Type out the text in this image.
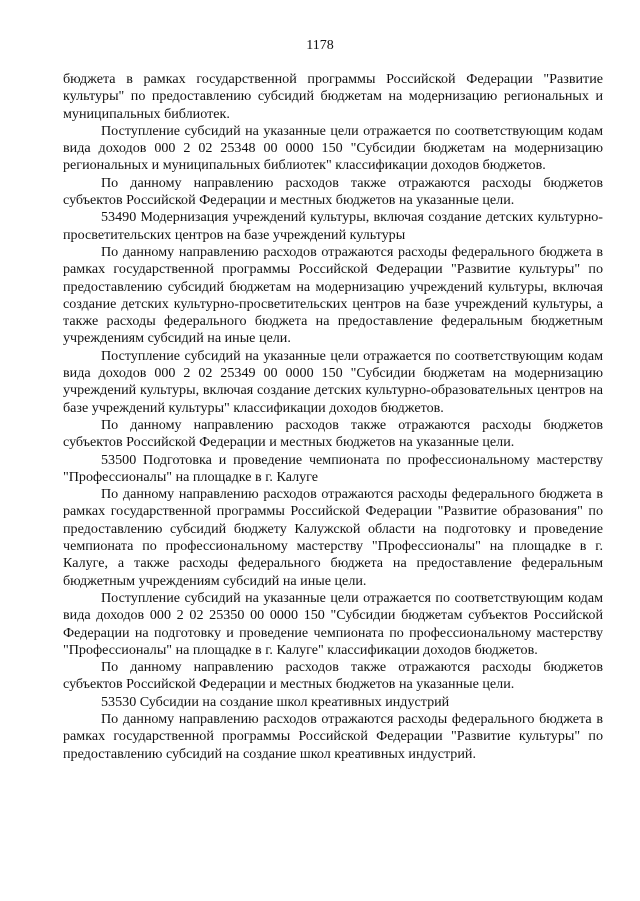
1178

бюджета в рамках государственной программы Российской Федерации "Развитие культуры" по предоставлению субсидий бюджетам на модернизацию региональных и муниципальных библиотек.

Поступление субсидий на указанные цели отражается по соответствующим кодам вида доходов 000 2 02 25348 00 0000 150 "Субсидии бюджетам на модернизацию региональных и муниципальных библиотек" классификации доходов бюджетов.

По данному направлению расходов также отражаются расходы бюджетов субъектов Российской Федерации и местных бюджетов на указанные цели.

53490 Модернизация учреждений культуры, включая создание детских культурно-просветительских центров на базе учреждений культуры

По данному направлению расходов отражаются расходы федерального бюджета в рамках государственной программы Российской Федерации "Развитие культуры" по предоставлению субсидий бюджетам на модернизацию учреждений культуры, включая создание детских культурно-просветительских центров на базе учреждений культуры, а также расходы федерального бюджета на предоставление федеральным бюджетным учреждениям субсидий на иные цели.

Поступление субсидий на указанные цели отражается по соответствующим кодам вида доходов 000 2 02 25349 00 0000 150 "Субсидии бюджетам на модернизацию учреждений культуры, включая создание детских культурно-образовательных центров на базе учреждений культуры" классификации доходов бюджетов.

По данному направлению расходов также отражаются расходы бюджетов субъектов Российской Федерации и местных бюджетов на указанные цели.

53500 Подготовка и проведение чемпионата по профессиональному мастерству "Профессионалы" на площадке в г. Калуге

По данному направлению расходов отражаются расходы федерального бюджета в рамках государственной программы Российской Федерации "Развитие образования" по предоставлению субсидий бюджету Калужской области на подготовку и проведение чемпионата по профессиональному мастерству "Профессионалы" на площадке в г. Калуге, а также расходы федерального бюджета на предоставление федеральным бюджетным учреждениям субсидий на иные цели.

Поступление субсидий на указанные цели отражается по соответствующим кодам вида доходов 000 2 02 25350 00 0000 150 "Субсидии бюджетам субъектов Российской Федерации на подготовку и проведение чемпионата по профессиональному мастерству "Профессионалы" на площадке в г. Калуге" классификации доходов бюджетов.

По данному направлению расходов также отражаются расходы бюджетов субъектов Российской Федерации и местных бюджетов на указанные цели.

53530 Субсидии на создание школ креативных индустрий

По данному направлению расходов отражаются расходы федерального бюджета в рамках государственной программы Российской Федерации "Развитие культуры" по предоставлению субсидий на создание школ креативных индустрий.
